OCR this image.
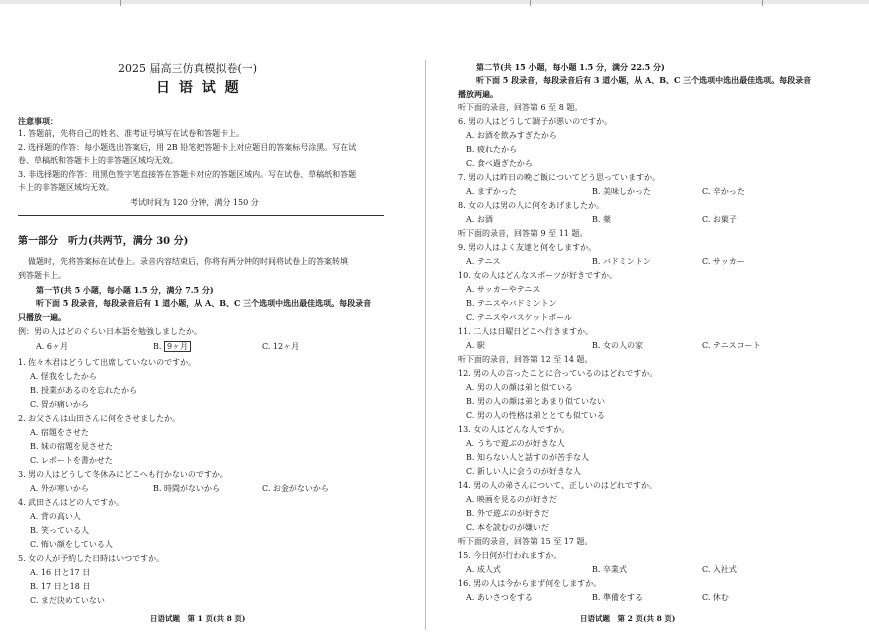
2025 届高三仿真模拟卷(一)
日 语 试 题
注意事项：
1. 答题前，先将自己的姓名、准考证号填写在试卷和答题卡上。
2. 选择题的作答：每小题选出答案后，用 2B 铅笔把答题卡上对应题目的答案标号涂黑。写在试
卷、草稿纸和答题卡上的非答题区域均无效。
3. 非选择题的作答：用黑色签字笔直接答在答题卡对应的答题区域内。写在试卷、草稿纸和答题
卡上的非答题区域均无效。
考试时间为 120 分钟，满分 150 分
第一部分　听力(共两节，满分 30 分)
做题时，先将答案标在试卷上。录音内容结束后，你将有两分钟的时间将试卷上的答案转填
到答题卡上。
第一节(共 5 小题，每小题 1.5 分，满分 7.5 分)
听下面 5 段录音，每段录音后有 1 道小题，从 A、B、C 三个选项中选出最佳选项。每段录音
只播放一遍。
例：男の人はどのぐらい日本語を勉強しましたか。
A. 6ヶ月	B. 9ヶ月	C. 12ヶ月
1. 佐々木君はどうして出席していないのですか。
A. 怪我をしたから
B. 授業があるのを忘れたから
C. 胃が痛いから
2. お父さんは山田さんに何をさせましたか。
A. 宿題をさせた
B. 妹の宿題を見させた
C. レポートを書かせた
3. 男の人はどうして冬休みにどこへも行かないのですか。
A. 外が寒いから	B. 時間がないから	C. お金がないから
4. 武田さんはどの人ですか。
A. 背の高い人
B. 笑っている人
C. 怖い顔をしている人
5. 女の人が予約した日時はいつですか。
A. 16 日と17 日
B. 17 日と18 日
C. まだ決めていない
日语试题　第 1 页(共 8 页)
第二节(共 15 小题，每小题 1.5 分，满分 22.5 分)
听下面 5 段录音，每段录音后有 3 道小题，从 A、B、C 三个选项中选出最佳选项。每段录音
播放两遍。
听下面的录音，回答第 6 至 8 题。
6. 男の人はどうして調子が悪いのですか。
A. お酒を飲みすぎたから
B. 疲れたから
C. 食べ過ぎたから
7. 男の人は昨日の晩ご飯についてどう思っていますか。
A. まずかった	B. 美味しかった	C. 辛かった
8. 女の人は男の人に何をあげましたか。
A. お酒	B. 薬	C. お菓子
听下面的录音，回答第 9 至 11 题。
9. 男の人はよく友達と何をしますか。
A. テニス	B. バドミントン	C. サッカー
10. 女の人はどんなスポーツが好きですか。
A. サッカーやテニス
B. テニスやバドミントン
C. テニスやバスケットボール
11. 二人は日曜日どこへ行きますか。
A. 駅	B. 女の人の家	C. テニスコート
听下面的录音，回答第 12 至 14 题。
12. 男の人の言ったことに合っているのはどれですか。
A. 男の人の顔は弟と似ている
B. 男の人の顔は弟とあまり似ていない
C. 男の人の性格は弟ととても似ている
13. 女の人はどんな人ですか。
A. うちで遊ぶのが好きな人
B. 知らない人と話すのが苦手な人
C. 新しい人に会うのが好きな人
14. 男の人の弟さんについて、正しいのはどれですか。
A. 映画を見るのが好きだ
B. 外で遊ぶのが好きだ
C. 本を読むのが嫌いだ
听下面的录音，回答第 15 至 17 题。
15. 今日何が行われますか。
A. 成人式	B. 卒業式	C. 入社式
16. 男の人は今からまず何をしますか。
A. あいさつをする	B. 準備をする	C. 休む
日语试题　第 2 页(共 8 页)
